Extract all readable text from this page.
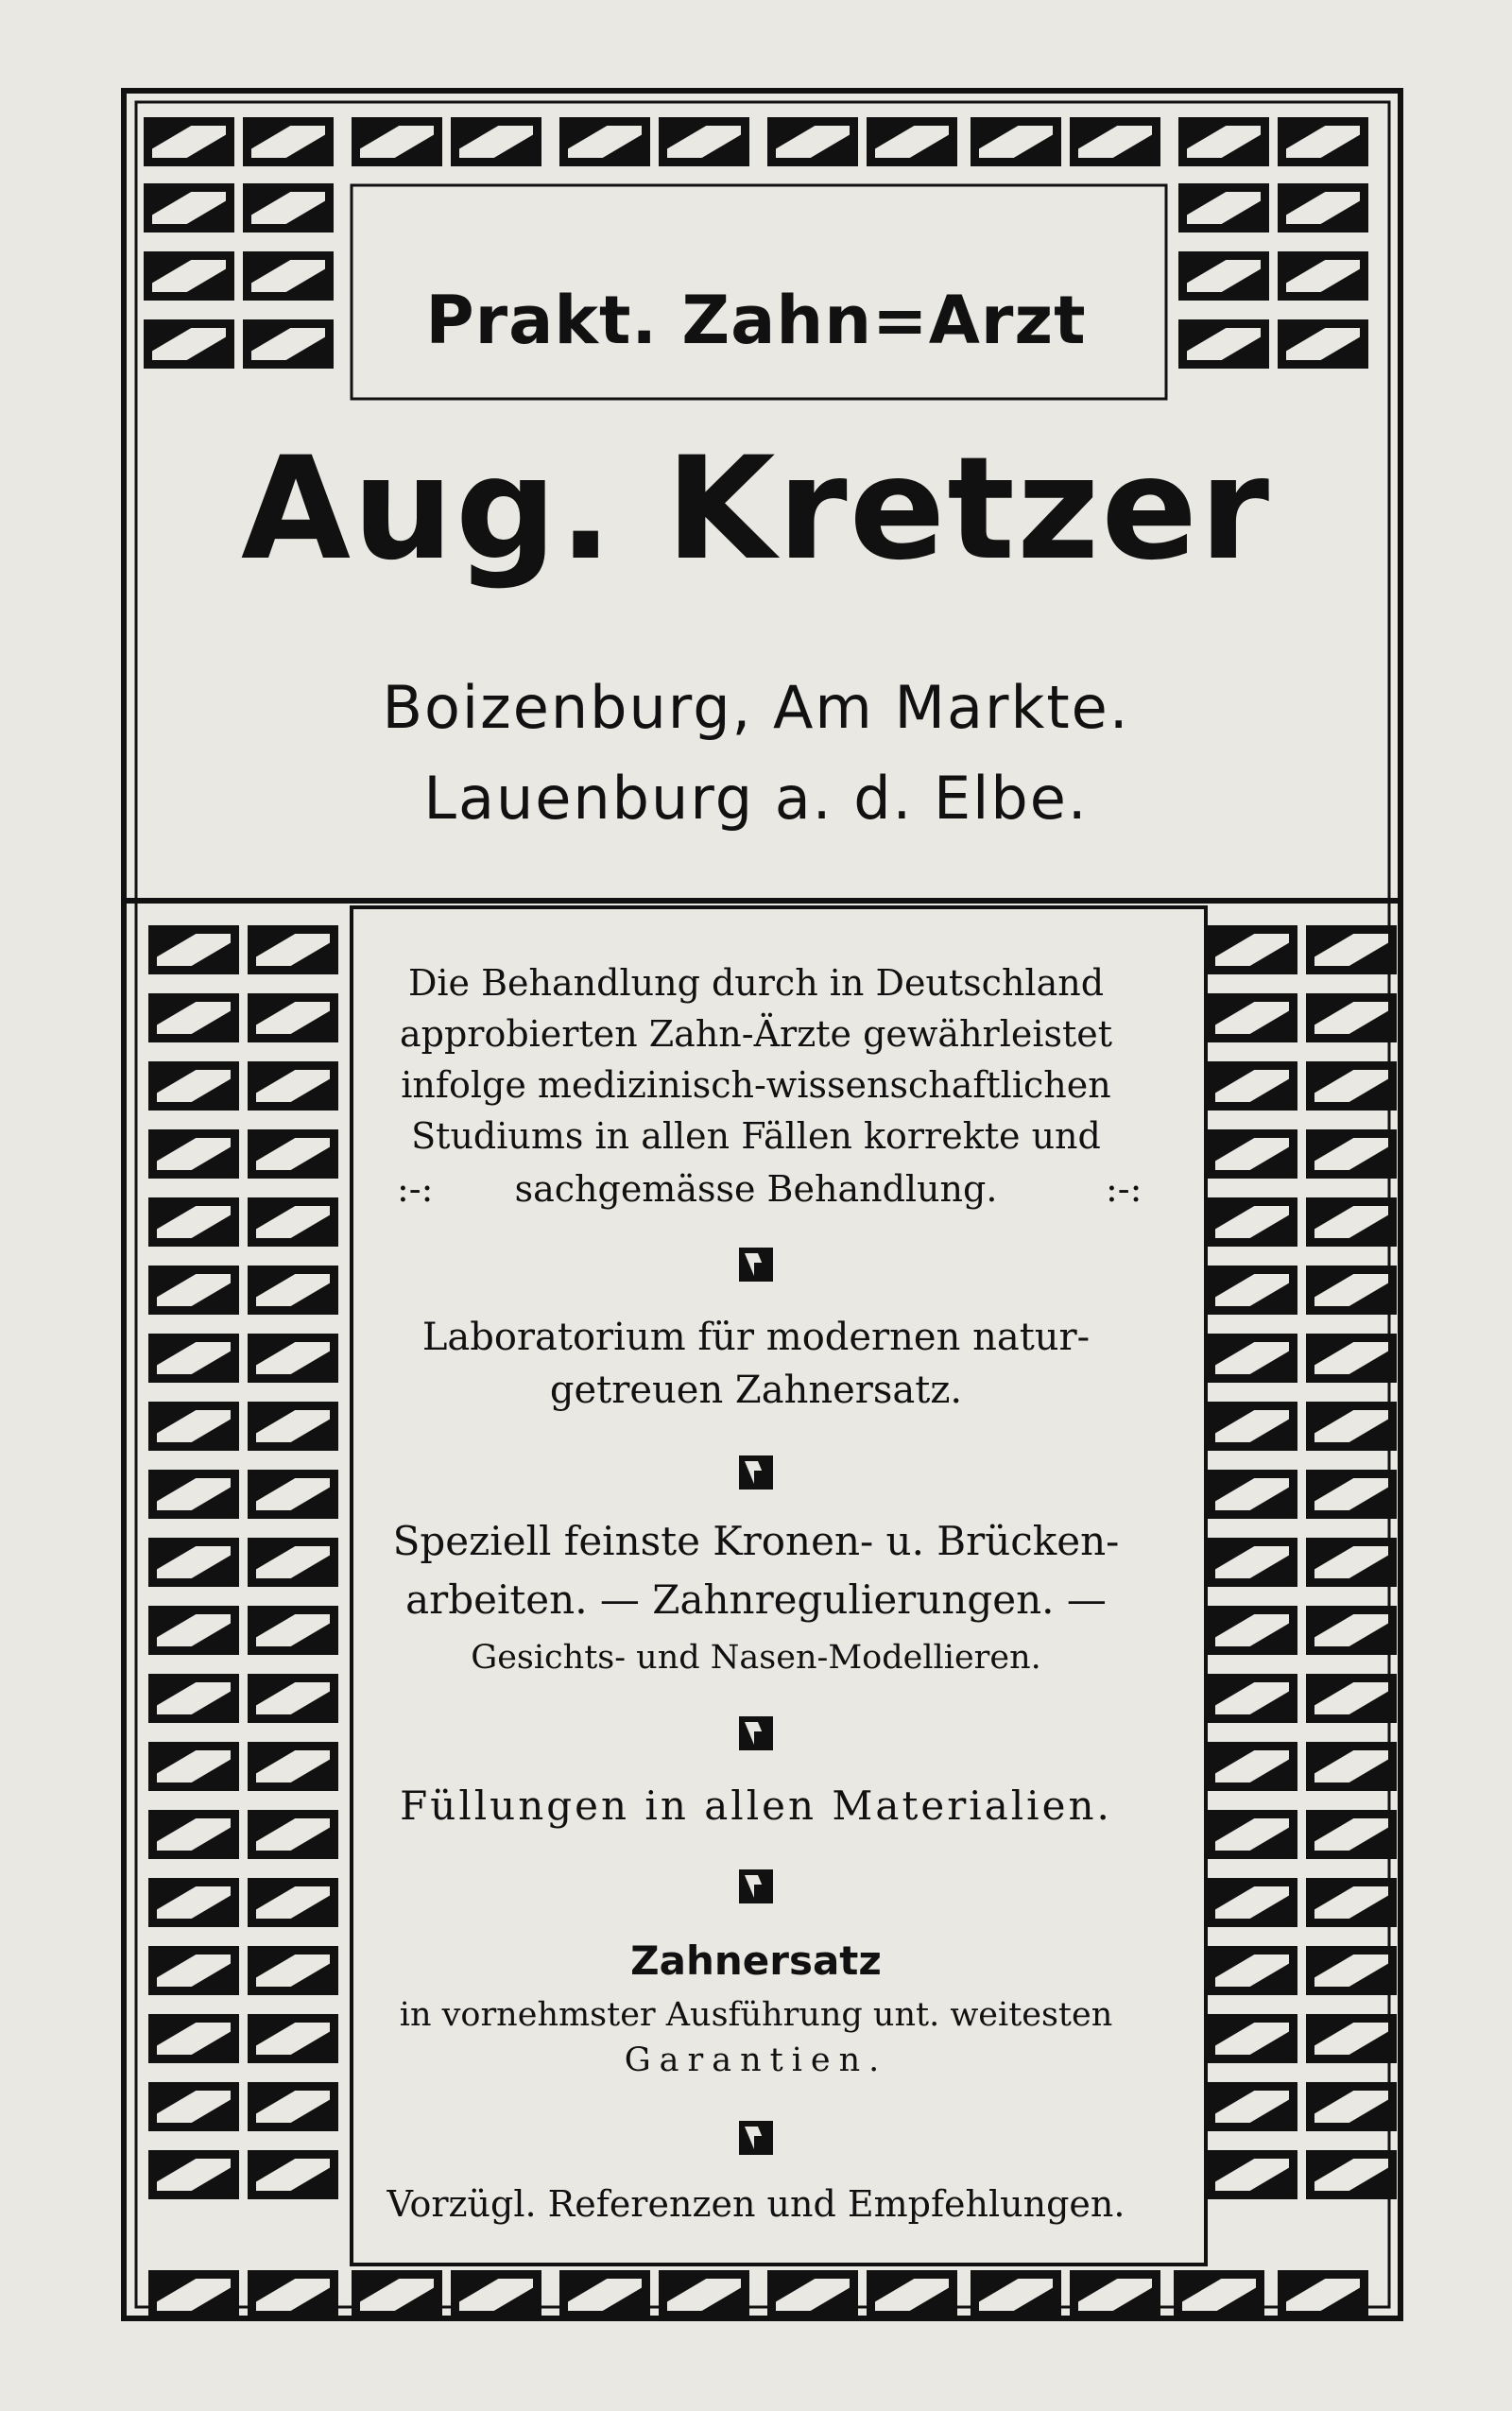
Prakt. Zahn=Arzt
Aug. Kretzer
Boizenburg, Am Markte.
Lauenburg a. d. Elbe.
Die Behandlung durch in Deutschland
approbierten Zahn-Ärzte gewährleistet
infolge medizinisch-wissenschaftlichen
Studiums in allen Fällen korrekte und
sachgemässe Behandlung.
:-:	:-:
Laboratorium für modernen natur-
getreuen Zahnersatz.
Speziell feinste Kronen- u. Brücken-
arbeiten. — Zahnregulierungen. —
Gesichts- und Nasen-Modellieren.
Füllungen in allen Materialien.
Zahnersatz
in vornehmster Ausführung unt. weitesten
Garantien.
Vorzügl. Referenzen und Empfehlungen.
